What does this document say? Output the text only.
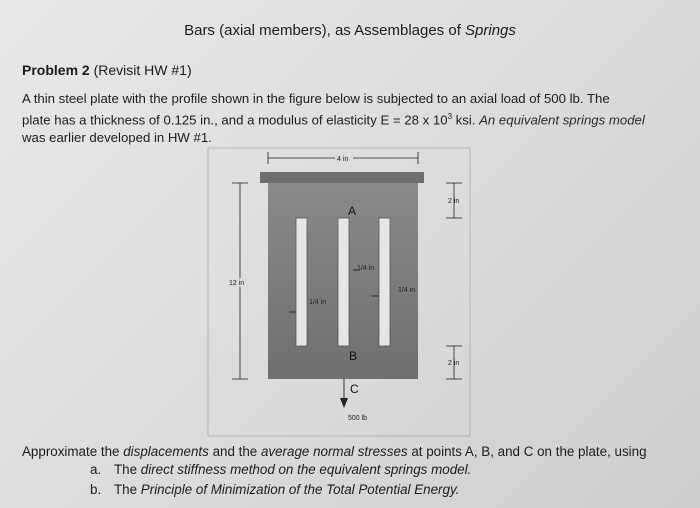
Bars (axial members), as Assemblages of Springs
Problem 2 (Revisit HW #1)
A thin steel plate with the profile shown in the figure below is subjected to an axial load of 500 lb. The
plate has a thickness of 0.125 in., and a modulus of elasticity E = 28 x $10^3$ ksi. An equivalent springs model
was earlier developed in HW #1.
4 in
12 in
2 in
2 in
1/4 in
1/4 in
1/4 in
A
B
C
500 lb
Approximate the displacements and the average normal stresses at points A, B, and C on the plate, using
a. The direct stiffness method on the equivalent springs model.
b. The Principle of Minimization of the Total Potential Energy.
